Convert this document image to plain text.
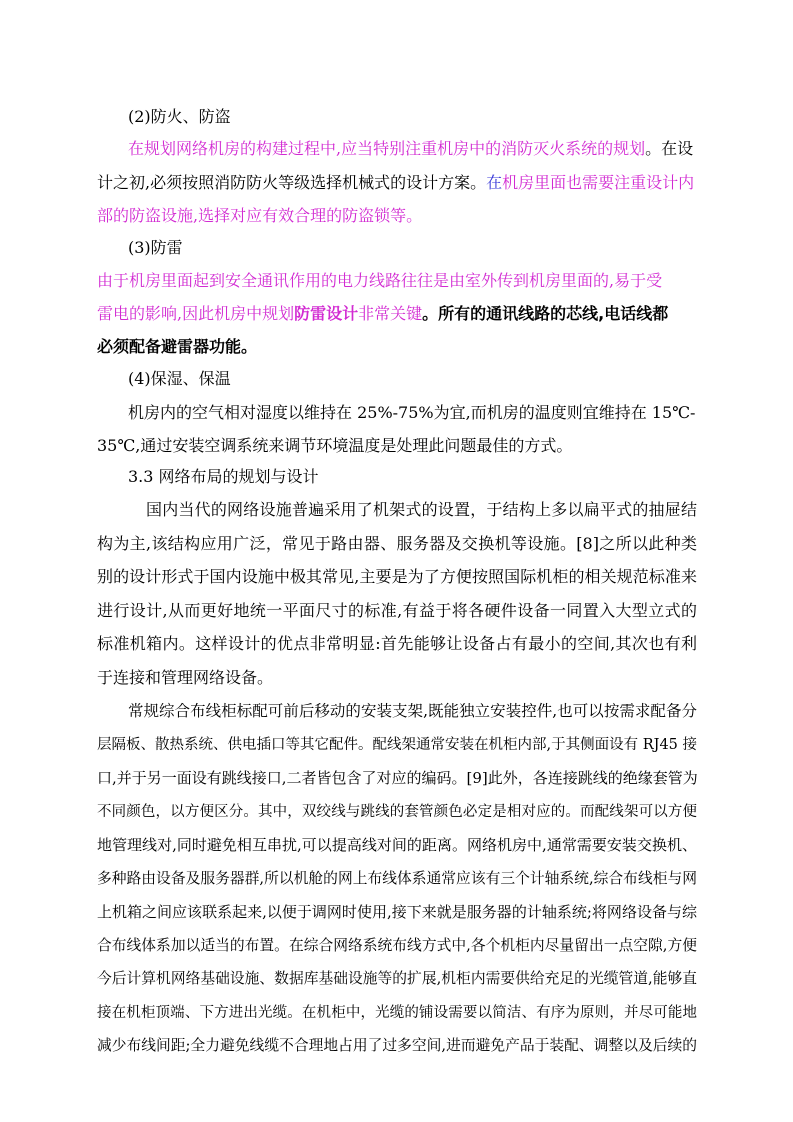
(2)防火、防盗
在规划网络机房的构建过程中,应当特别注重机房中的消防灭火系统的规划。在设
计之初,必须按照消防防火等级选择机械式的设计方案。在机房里面也需要注重设计内
部的防盗设施,选择对应有效合理的防盗锁等。
(3)防雷
由于机房里面起到安全通讯作用的电力线路往往是由室外传到机房里面的,易于受
雷电的影响,因此机房中规划防雷设计非常关键。所有的通讯线路的芯线,电话线都
必须配备避雷器功能。
(4)保湿、保温
机房内的空气相对湿度以维持在 25%-75%为宜,而机房的温度则宜维持在 15℃-
35℃,通过安装空调系统来调节环境温度是处理此问题最佳的方式。
3.3 网络布局的规划与设计
国内当代的网络设施普遍采用了机架式的设置，于结构上多以扁平式的抽屉结
构为主,该结构应用广泛，常见于路由器、服务器及交换机等设施。[8]之所以此种类
别的设计形式于国内设施中极其常见,主要是为了方便按照国际机柜的相关规范标准来
进行设计,从而更好地统一平面尺寸的标准,有益于将各硬件设备一同置入大型立式的
标准机箱内。这样设计的优点非常明显:首先能够让设备占有最小的空间,其次也有利
于连接和管理网络设备。
常规综合布线柜标配可前后移动的安装支架,既能独立安装控件,也可以按需求配备分
层隔板、散热系统、供电插口等其它配件。配线架通常安装在机柜内部,于其侧面设有 RJ45 接
口,并于另一面设有跳线接口,二者皆包含了对应的编码。[9]此外，各连接跳线的绝缘套管为
不同颜色，以方便区分。其中，双绞线与跳线的套管颜色必定是相对应的。而配线架可以方便
地管理线对,同时避免相互串扰,可以提高线对间的距离。网络机房中,通常需要安装交换机、
多种路由设备及服务器群,所以机舱的网上布线体系通常应该有三个计轴系统,综合布线柜与网
上机箱之间应该联系起来,以便于调网时使用,接下来就是服务器的计轴系统;将网络设备与综
合布线体系加以适当的布置。在综合网络系统布线方式中,各个机柜内尽量留出一点空隙,方便
今后计算机网络基础设施、数据库基础设施等的扩展,机柜内需要供给充足的光缆管道,能够直
接在机柜顶端、下方进出光缆。在机柜中，光缆的铺设需要以简洁、有序为原则，并尽可能地
减少布线间距;全力避免线缆不合理地占用了过多空间,进而避免产品于装配、调整以及后续的
